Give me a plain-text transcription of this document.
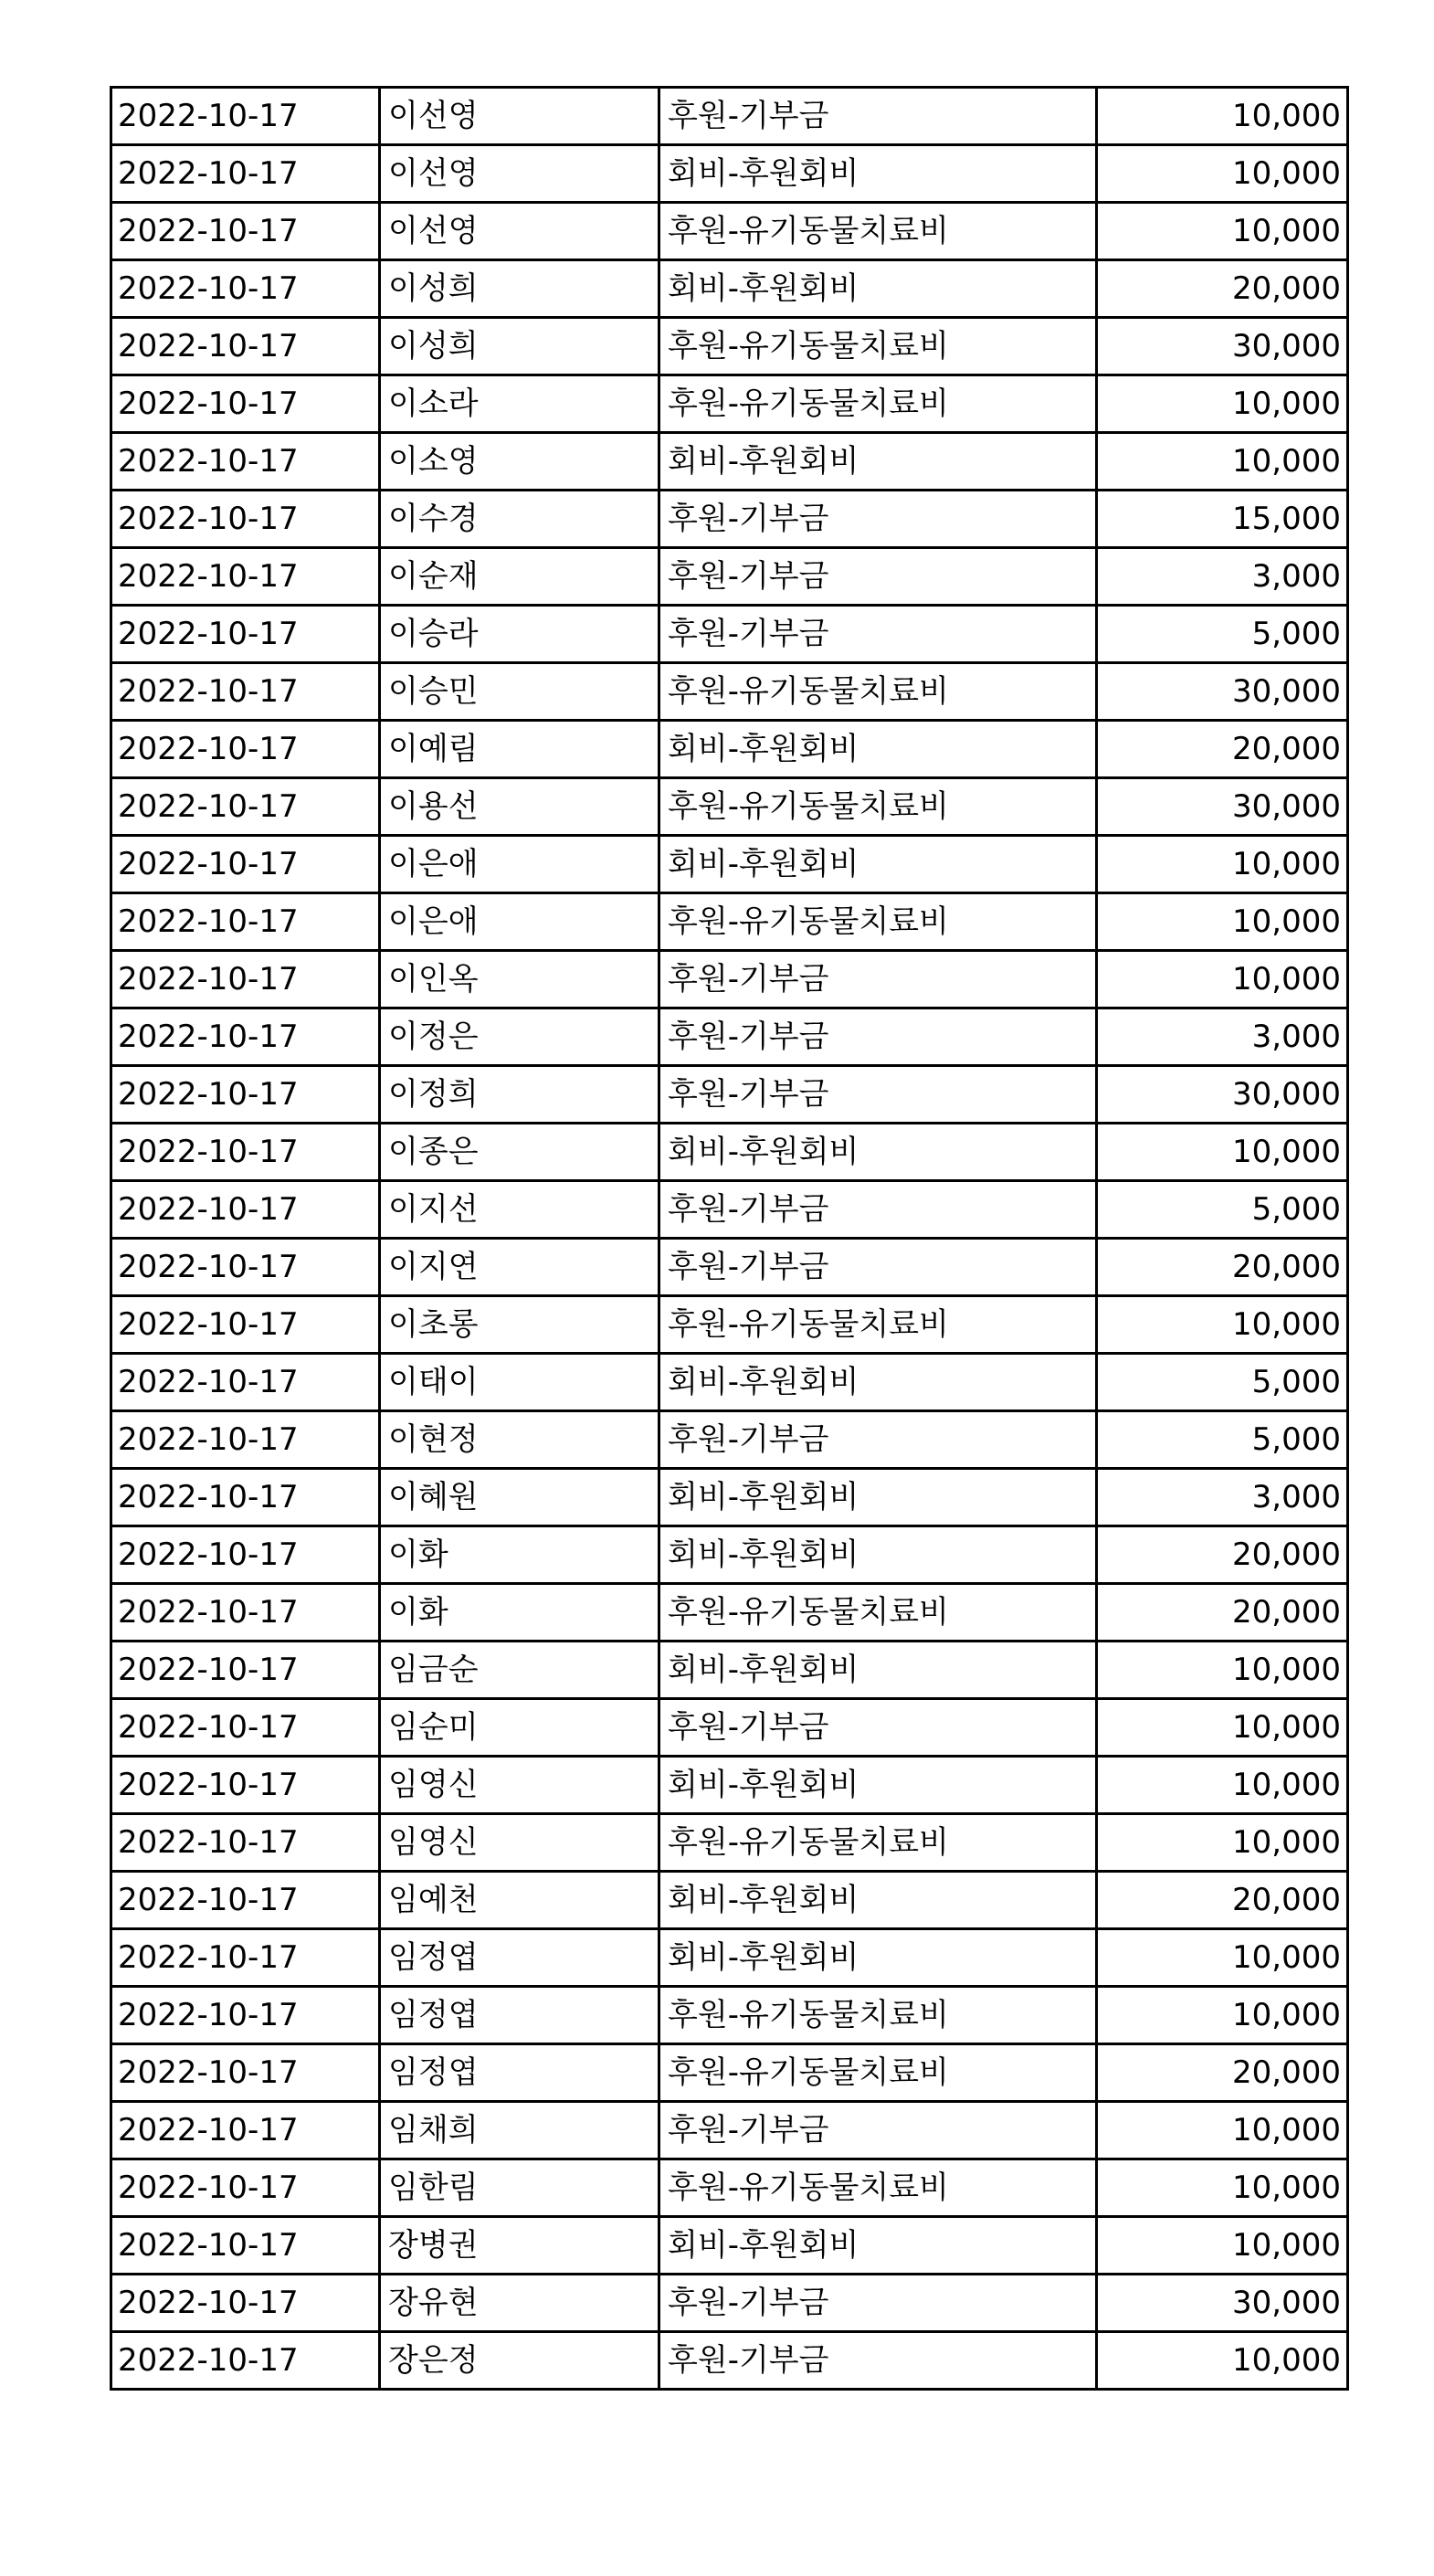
2022-10-17	이선영	후원-기부금	10,000
2022-10-17	이선영	회비-후원회비	10,000
2022-10-17	이선영	후원-유기동물치료비	10,000
2022-10-17	이성희	회비-후원회비	20,000
2022-10-17	이성희	후원-유기동물치료비	30,000
2022-10-17	이소라	후원-유기동물치료비	10,000
2022-10-17	이소영	회비-후원회비	10,000
2022-10-17	이수경	후원-기부금	15,000
2022-10-17	이순재	후원-기부금	3,000
2022-10-17	이승라	후원-기부금	5,000
2022-10-17	이승민	후원-유기동물치료비	30,000
2022-10-17	이예림	회비-후원회비	20,000
2022-10-17	이용선	후원-유기동물치료비	30,000
2022-10-17	이은애	회비-후원회비	10,000
2022-10-17	이은애	후원-유기동물치료비	10,000
2022-10-17	이인옥	후원-기부금	10,000
2022-10-17	이정은	후원-기부금	3,000
2022-10-17	이정희	후원-기부금	30,000
2022-10-17	이종은	회비-후원회비	10,000
2022-10-17	이지선	후원-기부금	5,000
2022-10-17	이지연	후원-기부금	20,000
2022-10-17	이초롱	후원-유기동물치료비	10,000
2022-10-17	이태이	회비-후원회비	5,000
2022-10-17	이현정	후원-기부금	5,000
2022-10-17	이혜원	회비-후원회비	3,000
2022-10-17	이화	회비-후원회비	20,000
2022-10-17	이화	후원-유기동물치료비	20,000
2022-10-17	임금순	회비-후원회비	10,000
2022-10-17	임순미	후원-기부금	10,000
2022-10-17	임영신	회비-후원회비	10,000
2022-10-17	임영신	후원-유기동물치료비	10,000
2022-10-17	임예천	회비-후원회비	20,000
2022-10-17	임정엽	회비-후원회비	10,000
2022-10-17	임정엽	후원-유기동물치료비	10,000
2022-10-17	임정엽	후원-유기동물치료비	20,000
2022-10-17	임채희	후원-기부금	10,000
2022-10-17	임한림	후원-유기동물치료비	10,000
2022-10-17	장병권	회비-후원회비	10,000
2022-10-17	장유현	후원-기부금	30,000
2022-10-17	장은정	후원-기부금	10,000
